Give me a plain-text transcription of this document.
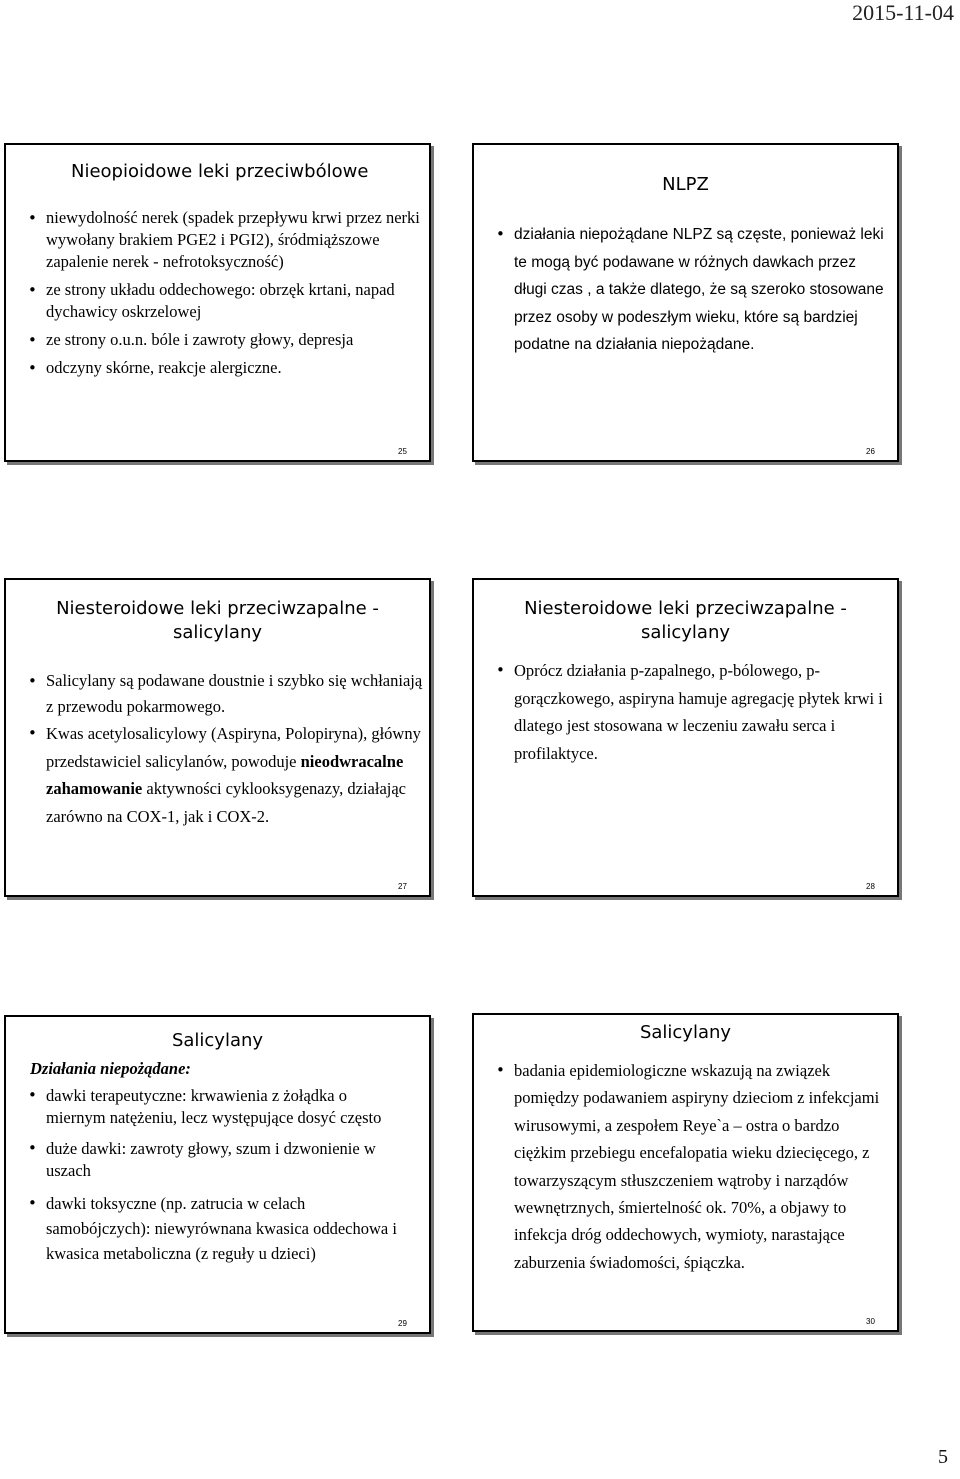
2015-11-04
Nieopioidowe leki przeciwbólowe
• niewydolność nerek (spadek przepływu krwi przez nerki wywołany brakiem PGE2 i PGI2), śródmiąższowe zapalenie nerek - nefrotoksyczność)
• ze strony układu oddechowego: obrzęk krtani, napad dychawicy oskrzelowej
• ze strony o.u.n. bóle i zawroty głowy, depresja
• odczyny skórne, reakcje alergiczne.
25
NLPZ
• działania niepożądane NLPZ są częste, ponieważ leki te mogą być podawane w różnych dawkach przez długi czas , a także dlatego, że są szeroko stosowane przez osoby w podeszłym wieku, które są bardziej podatne na działania niepożądane.
26
Niesteroidowe leki przeciwzapalne - salicylany
• Salicylany są podawane doustnie i szybko się wchłaniają z przewodu pokarmowego.
• Kwas acetylosalicylowy (Aspiryna, Polopiryna), główny przedstawiciel salicylanów, powoduje nieodwracalne zahamowanie aktywności cyklooksygenazy, działając zarówno na COX-1, jak i COX-2.
27
Niesteroidowe leki przeciwzapalne - salicylany
• Oprócz działania p-zapalnego, p-bólowego, p-gorączkowego, aspiryna hamuje agregację płytek krwi i dlatego jest stosowana w leczeniu zawału serca i profilaktyce.
28
Salicylany
Działania niepożądane:
• dawki terapeutyczne: krwawienia z żołądka o miernym natężeniu, lecz występujące dosyć często
• duże dawki: zawroty głowy, szum i dzwonienie w uszach
• dawki toksyczne (np. zatrucia w celach samobójczych): niewyrównana kwasica oddechowa i kwasica metaboliczna (z reguły u dzieci)
29
Salicylany
• badania epidemiologiczne wskazują na związek pomiędzy podawaniem aspiryny dzieciom z infekcjami wirusowymi, a zespołem Reye`a – ostra o bardzo ciężkim przebiegu encefalopatia wieku dziecięcego, z towarzyszącym stłuszczeniem wątroby i narządów wewnętrznych, śmiertelność ok. 70%, a objawy to infekcja dróg oddechowych, wymioty, narastające zaburzenia świadomości, śpiączka.
30
5
